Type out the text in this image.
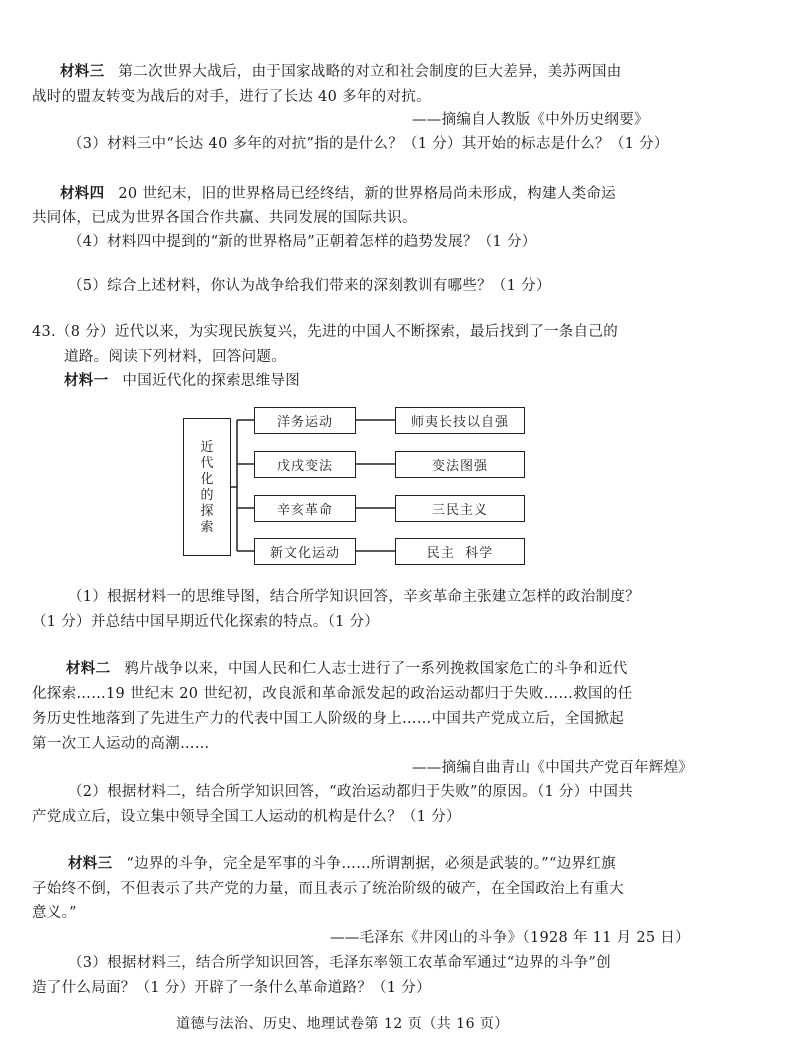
材料三 第二次世界大战后，由于国家战略的对立和社会制度的巨大差异，美苏两国由
战时的盟友转变为战后的对手，进行了长达 40 多年的对抗。
——摘编自人教版《中外历史纲要》
（3）材料三中“长达 40 多年的对抗”指的是什么？（1 分）其开始的标志是什么？（1 分）
材料四 20 世纪末，旧的世界格局已经终结，新的世界格局尚未形成，构建人类命运
共同体，已成为世界各国合作共赢、共同发展的国际共识。
（4）材料四中提到的“新的世界格局”正朝着怎样的趋势发展？（1 分）
（5）综合上述材料，你认为战争给我们带来的深刻教训有哪些？（1 分）
43.（8 分）近代以来，为实现民族复兴，先进的中国人不断探索，最后找到了一条自己的
道路。阅读下列材料，回答问题。
材料一 中国近代化的探索思维导图
近代化的探索
洋务运动
戊戌变法
辛亥革命
新文化运动
师夷长技以自强
变法图强
三民主义
民主  科学
（1）根据材料一的思维导图，结合所学知识回答，辛亥革命主张建立怎样的政治制度？
（1 分）并总结中国早期近代化探索的特点。（1 分）
材料二 鸦片战争以来，中国人民和仁人志士进行了一系列挽救国家危亡的斗争和近代
化探索……19 世纪末 20 世纪初，改良派和革命派发起的政治运动都归于失败……救国的任
务历史性地落到了先进生产力的代表中国工人阶级的身上……中国共产党成立后，全国掀起
第一次工人运动的高潮……
——摘编自曲青山《中国共产党百年辉煌》
（2）根据材料二，结合所学知识回答，“政治运动都归于失败”的原因。（1 分）中国共
产党成立后，设立集中领导全国工人运动的机构是什么？（1 分）
材料三 “边界的斗争，完全是军事的斗争……所谓割据，必须是武装的。”“边界红旗
子始终不倒，不但表示了共产党的力量，而且表示了统治阶级的破产，在全国政治上有重大
意义。”
——毛泽东《井冈山的斗争》（1928 年 11 月 25 日）
（3）根据材料三，结合所学知识回答，毛泽东率领工农革命军通过“边界的斗争”创
造了什么局面？（1 分）开辟了一条什么革命道路？（1 分）
道德与法治、历史、地理试卷第 12 页（共 16 页）
